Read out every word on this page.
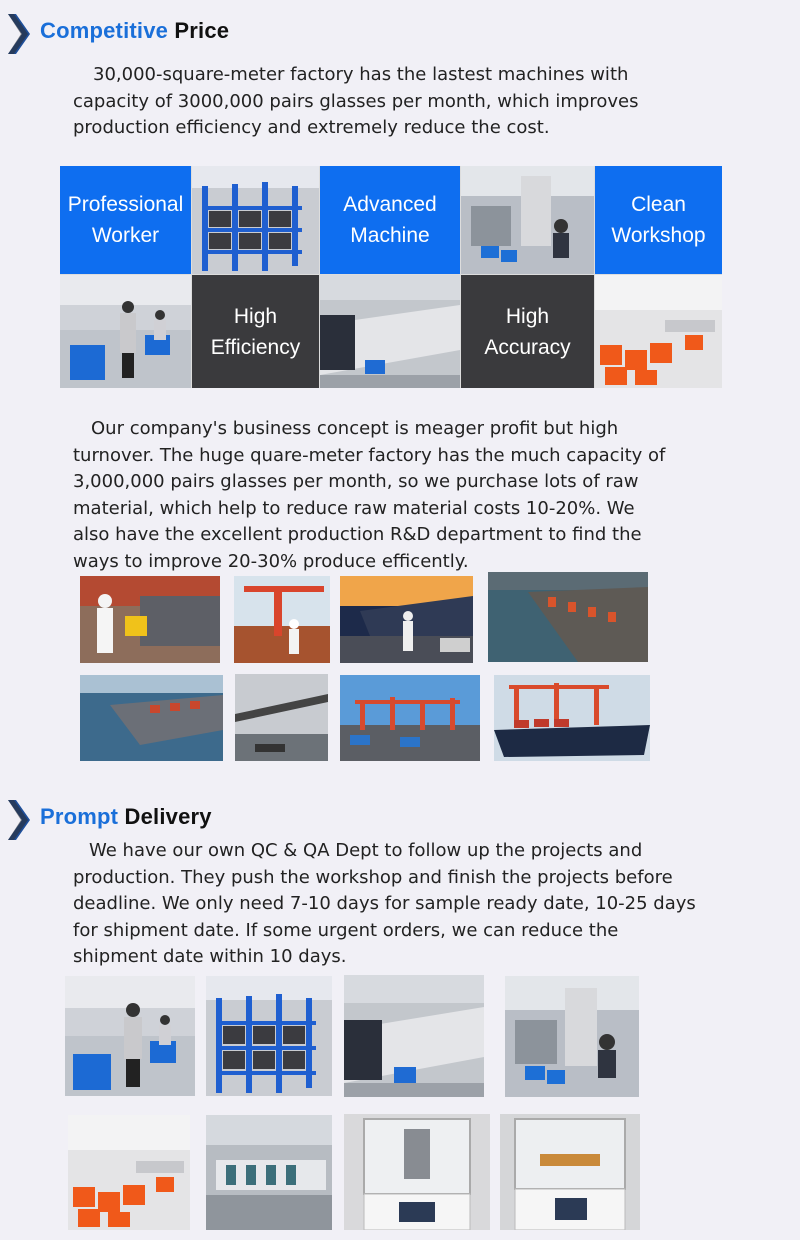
Competitive Price
30,000-square-meter factory has the lastest machines with
capacity of 3000,000 pairs glasses per month, which improves
production efficiency and extremely reduce the cost.
Professional
Worker
Advanced
Machine
Clean
Workshop
High
Efficiency
High
Accuracy
Our company's business concept is meager profit but high
turnover. The huge quare-meter factory has the much capacity of
3,000,000 pairs glasses per month, so we purchase lots of raw
material, which help to reduce raw material costs 10-20%. We
also have the excellent production R&D department to find the
ways to improve 20-30% produce efficently.
Prompt Delivery
We have our own QC & QA Dept to follow up the projects and
production. They push the workshop and finish the projects before
deadline. We only need 7-10 days for sample ready date, 10-25 days
for shipment date. If some urgent orders, we can reduce the
shipment date within 10 days.
